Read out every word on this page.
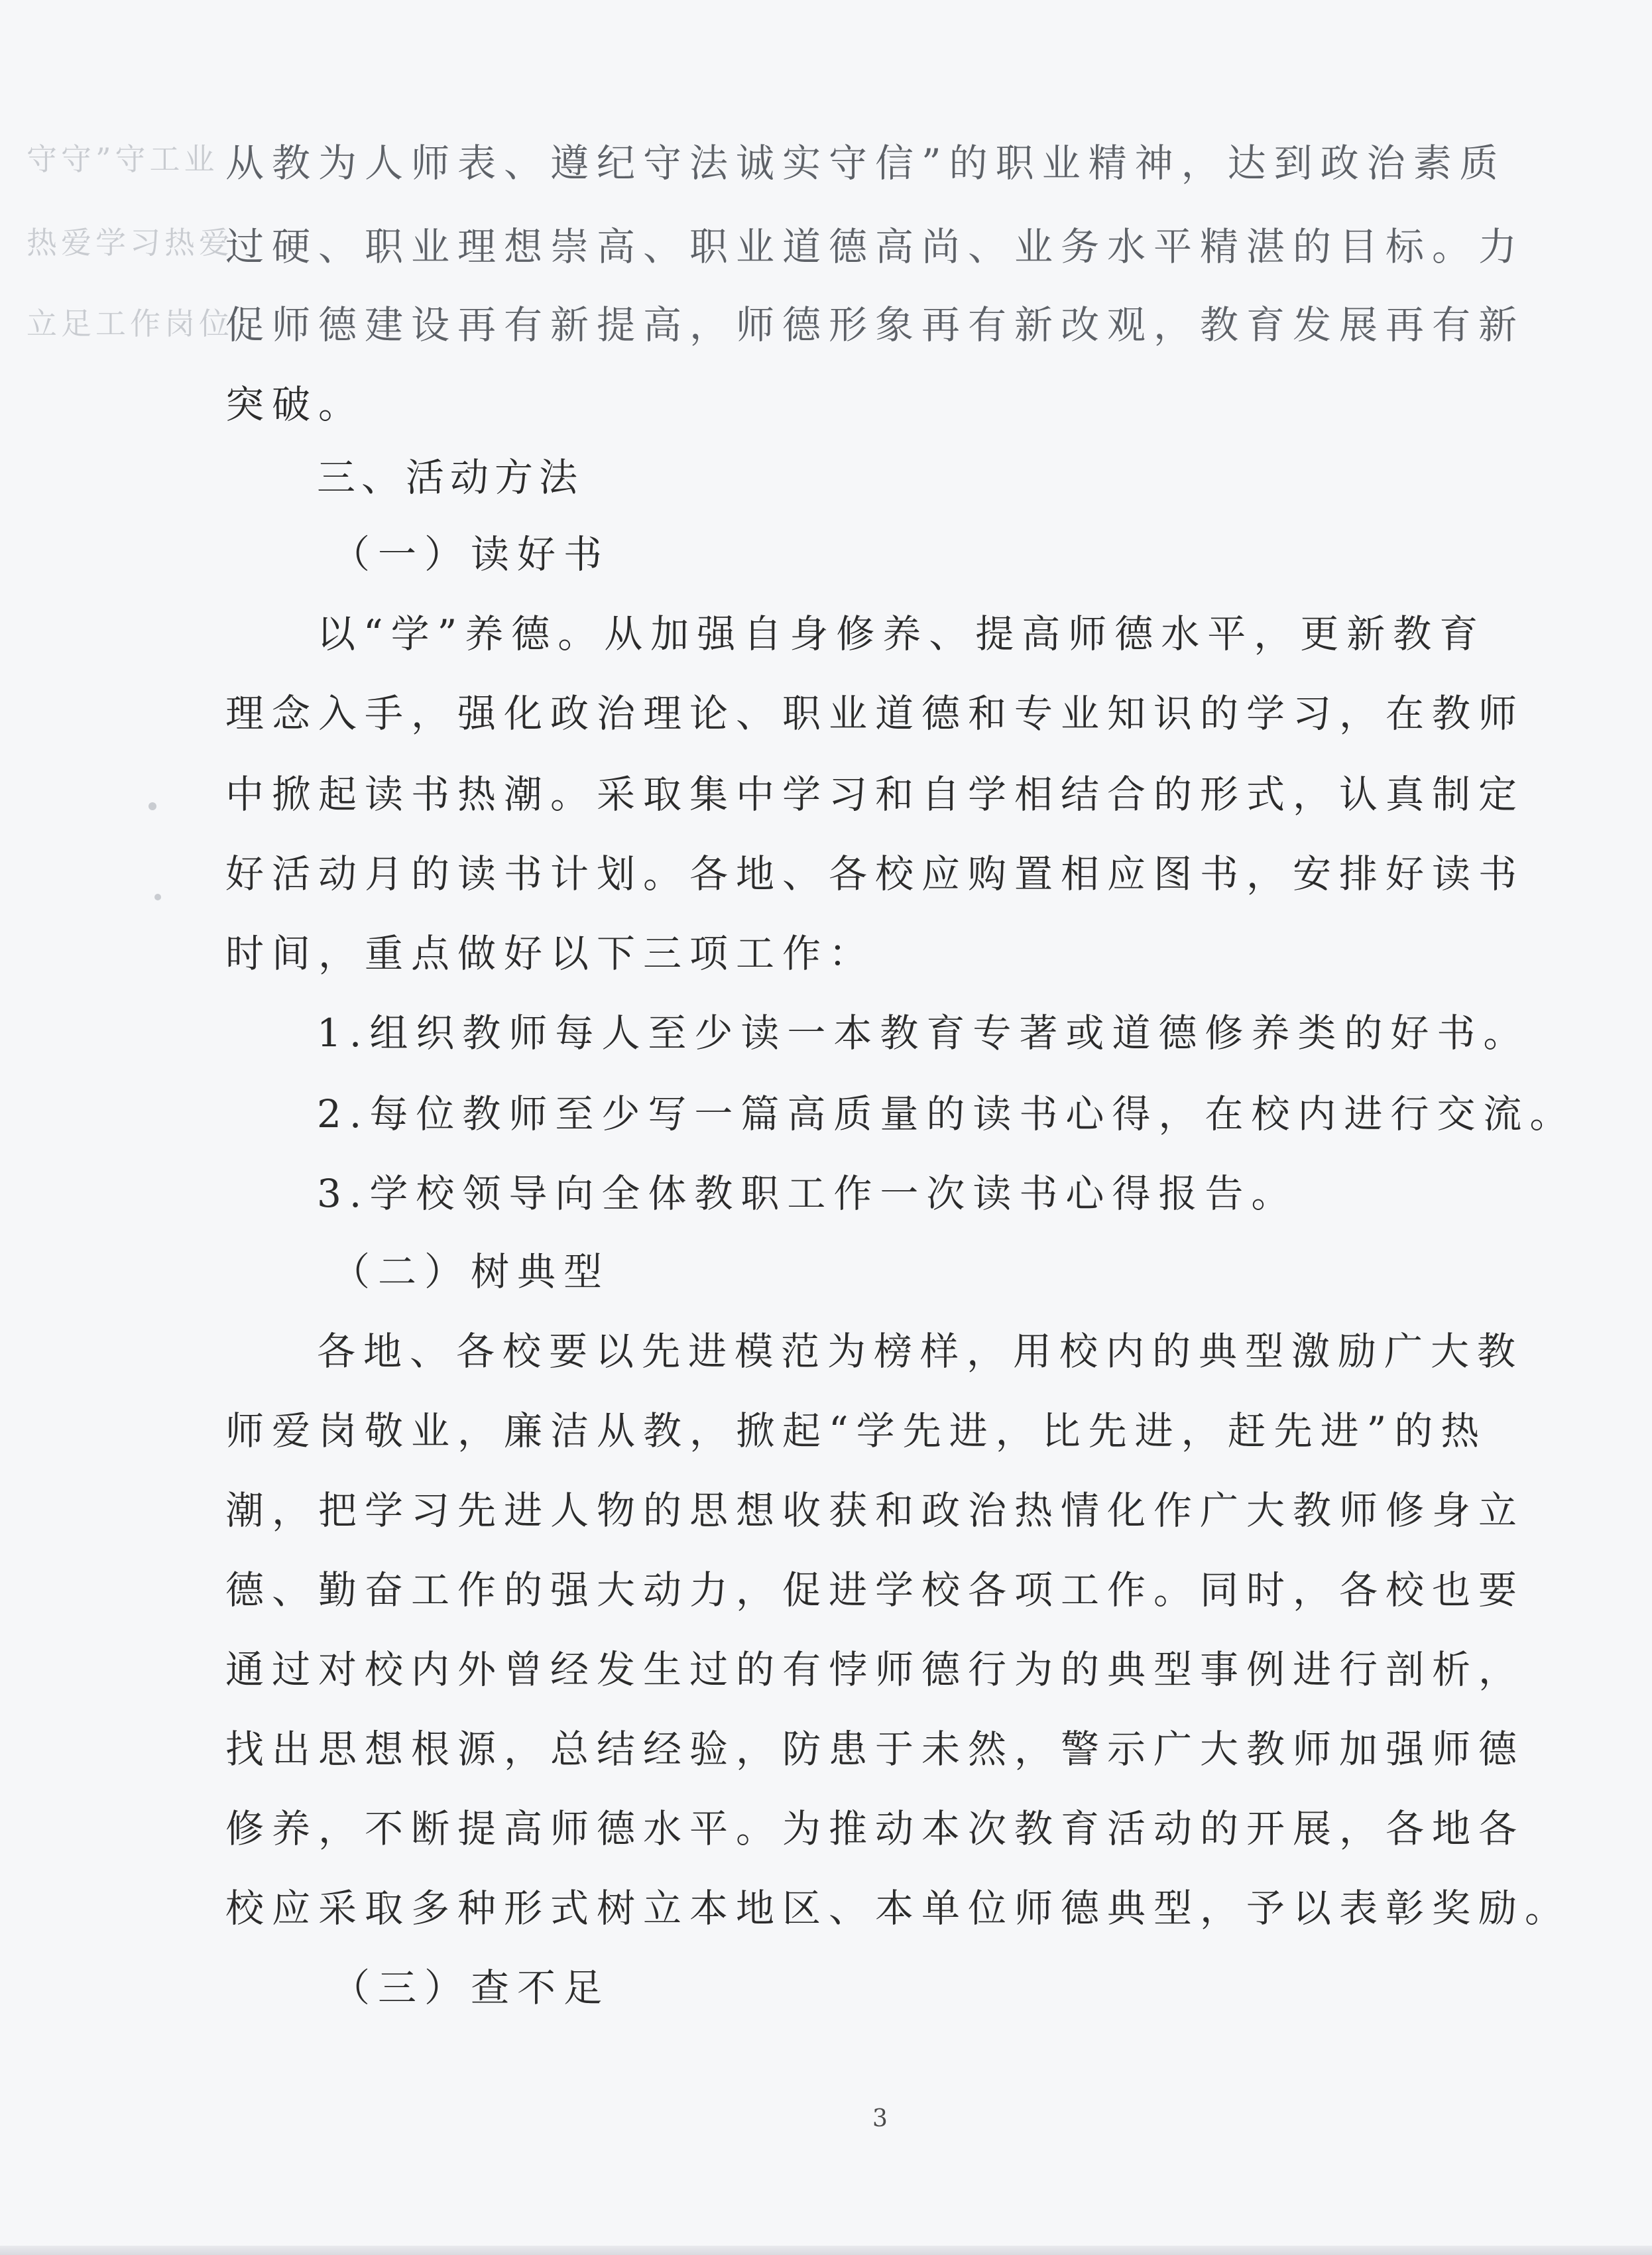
守守”守工业
热爱学习热爱
立足工作岗位
从教为人师表、遵纪守法诚实守信”的职业精神，达到政治素质
过硬、职业理想崇高、职业道德高尚、业务水平精湛的目标。力
促师德建设再有新提高，师德形象再有新改观，教育发展再有新
突破。
三、活动方法
（一）读好书
以“学”养德。从加强自身修养、提高师德水平，更新教育
理念入手，强化政治理论、职业道德和专业知识的学习，在教师
中掀起读书热潮。采取集中学习和自学相结合的形式，认真制定
好活动月的读书计划。各地、各校应购置相应图书，安排好读书
时间，重点做好以下三项工作：
1.组织教师每人至少读一本教育专著或道德修养类的好书。
2.每位教师至少写一篇高质量的读书心得，在校内进行交流。
3.学校领导向全体教职工作一次读书心得报告。
（二）树典型
各地、各校要以先进模范为榜样，用校内的典型激励广大教
师爱岗敬业，廉洁从教，掀起“学先进，比先进，赶先进”的热
潮，把学习先进人物的思想收获和政治热情化作广大教师修身立
德、勤奋工作的强大动力，促进学校各项工作。同时，各校也要
通过对校内外曾经发生过的有悖师德行为的典型事例进行剖析，
找出思想根源，总结经验，防患于未然，警示广大教师加强师德
修养，不断提高师德水平。为推动本次教育活动的开展，各地各
校应采取多种形式树立本地区、本单位师德典型，予以表彰奖励。
（三）查不足
3
